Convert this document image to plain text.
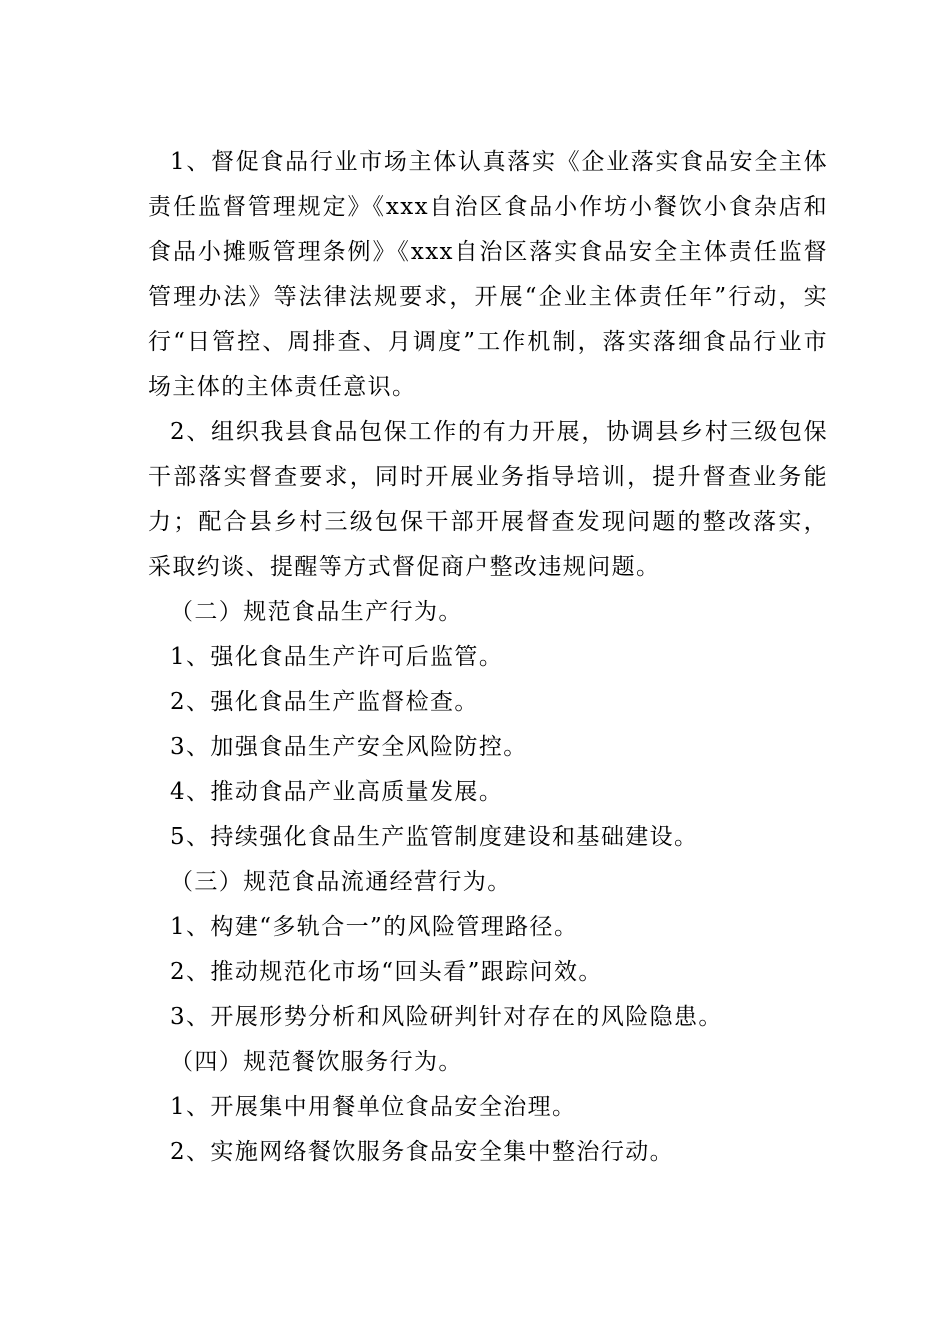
1、督促食品行业市场主体认真落实《企业落实食品安全主体责任监督管理规定》《xxx自治区食品小作坊小餐饮小食杂店和食品小摊贩管理条例》《xxx自治区落实食品安全主体责任监督管理办法》等法律法规要求，开展“企业主体责任年”行动，实行“日管控、周排查、月调度”工作机制，落实落细食品行业市场主体的主体责任意识。

2、组织我县食品包保工作的有力开展，协调县乡村三级包保干部落实督查要求，同时开展业务指导培训，提升督查业务能力；配合县乡村三级包保干部开展督查发现问题的整改落实，采取约谈、提醒等方式督促商户整改违规问题。

（二）规范食品生产行为。

1、强化食品生产许可后监管。

2、强化食品生产监督检查。

3、加强食品生产安全风险防控。

4、推动食品产业高质量发展。

5、持续强化食品生产监管制度建设和基础建设。

（三）规范食品流通经营行为。

1、构建“多轨合一”的风险管理路径。

2、推动规范化市场“回头看”跟踪问效。

3、开展形势分析和风险研判针对存在的风险隐患。

（四）规范餐饮服务行为。

1、开展集中用餐单位食品安全治理。

2、实施网络餐饮服务食品安全集中整治行动。
